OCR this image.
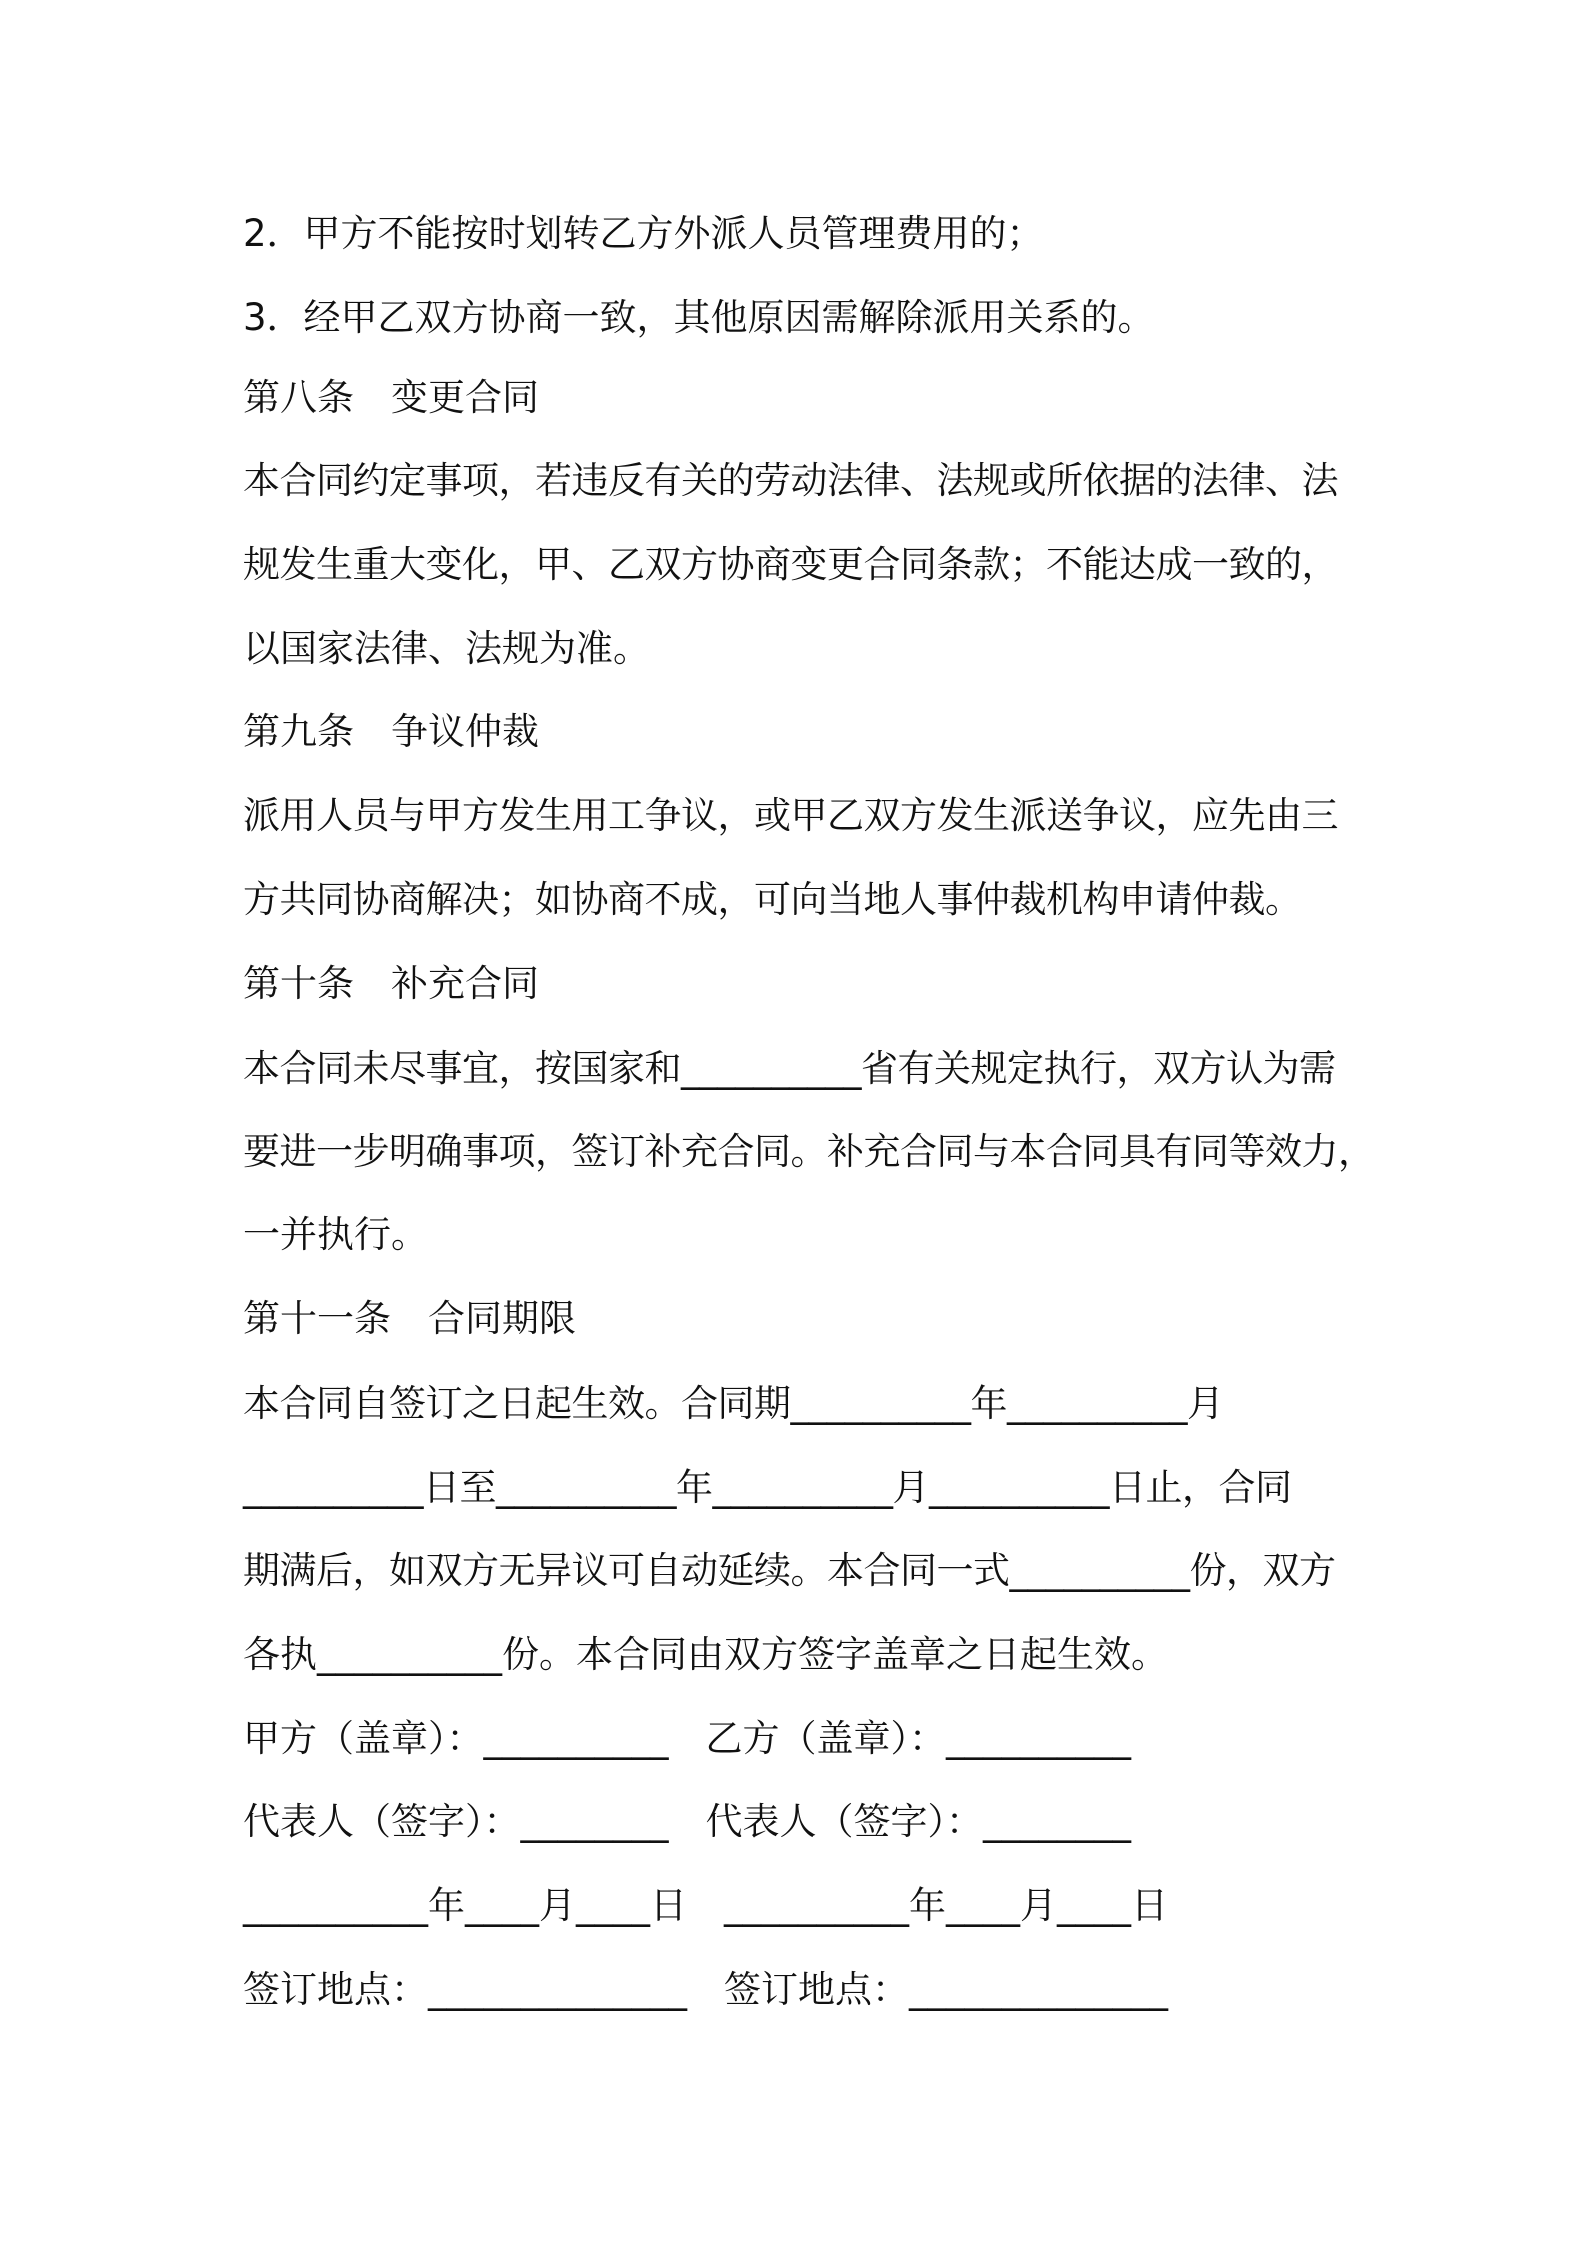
2．甲方不能按时划转乙方外派人员管理费用的；
3．经甲乙双方协商一致，其他原因需解除派用关系的。
第八条　变更合同
本合同约定事项，若违反有关的劳动法律、法规或所依据的法律、法
规发生重大变化，甲、乙双方协商变更合同条款；不能达成一致的，
以国家法律、法规为准。
第九条　争议仲裁
派用人员与甲方发生用工争议，或甲乙双方发生派送争议，应先由三
方共同协商解决；如协商不成，可向当地人事仲裁机构申请仲裁。
第十条　补充合同
本合同未尽事宜，按国家和__________省有关规定执行，双方认为需
要进一步明确事项，签订补充合同。补充合同与本合同具有同等效力，
一并执行。
第十一条　合同期限
本合同自签订之日起生效。合同期__________年__________月
__________日至__________年__________月__________日止，合同
期满后，如双方无异议可自动延续。本合同一式__________份，双方
各执__________份。本合同由双方签字盖章之日起生效。
甲方（盖章）：__________　乙方（盖章）：__________
代表人（签字）：________　代表人（签字）：________
__________年____月____日　__________年____月____日
签订地点：______________　签订地点：______________
